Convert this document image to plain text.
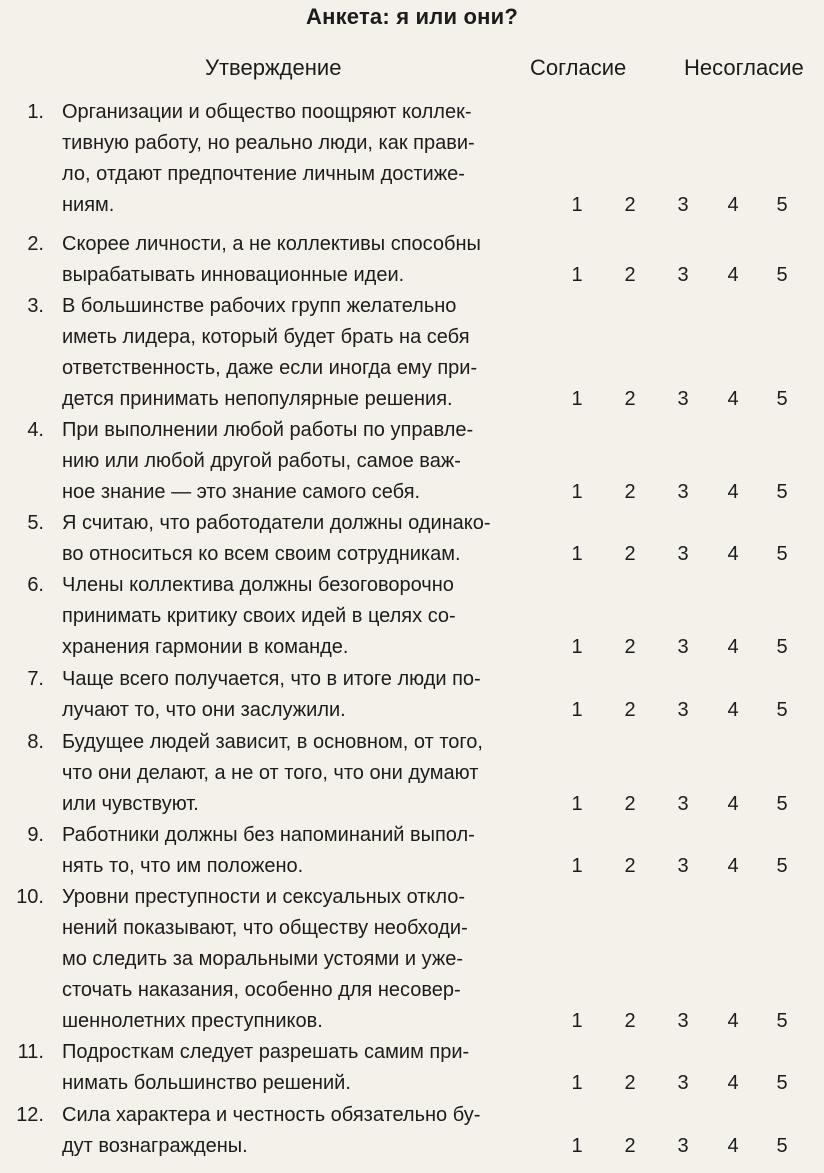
Анкета: я или они?
Утверждение	Согласие	Несогласие
1. Организации и общество поощряют коллек-
тивную работу, но реально люди, как прави-
ло, отдают предпочтение личным достиже-
ниям.	1	2	3	4	5
2. Скорее личности, а не коллективы способны
вырабатывать инновационные идеи.	1	2	3	4	5
3. В большинстве рабочих групп желательно
иметь лидера, который будет брать на себя
ответственность, даже если иногда ему при-
дется принимать непопулярные решения.	1	2	3	4	5
4. При выполнении любой работы по управле-
нию или любой другой работы, самое важ-
ное знание — это знание самого себя.	1	2	3	4	5
5. Я считаю, что работодатели должны одинако-
во относиться ко всем своим сотрудникам.	1	2	3	4	5
6. Члены коллектива должны безоговорочно
принимать критику своих идей в целях со-
хранения гармонии в команде.	1	2	3	4	5
7. Чаще всего получается, что в итоге люди по-
лучают то, что они заслужили.	1	2	3	4	5
8. Будущее людей зависит, в основном, от того,
что они делают, а не от того, что они думают
или чувствуют.	1	2	3	4	5
9. Работники должны без напоминаний выпол-
нять то, что им положено.	1	2	3	4	5
10. Уровни преступности и сексуальных откло-
нений показывают, что обществу необходи-
мо следить за моральными устоями и уже-
сточать наказания, особенно для несовер-
шеннолетних преступников.	1	2	3	4	5
11. Подросткам следует разрешать самим при-
нимать большинство решений.	1	2	3	4	5
12. Сила характера и честность обязательно бу-
дут вознаграждены.	1	2	3	4	5
